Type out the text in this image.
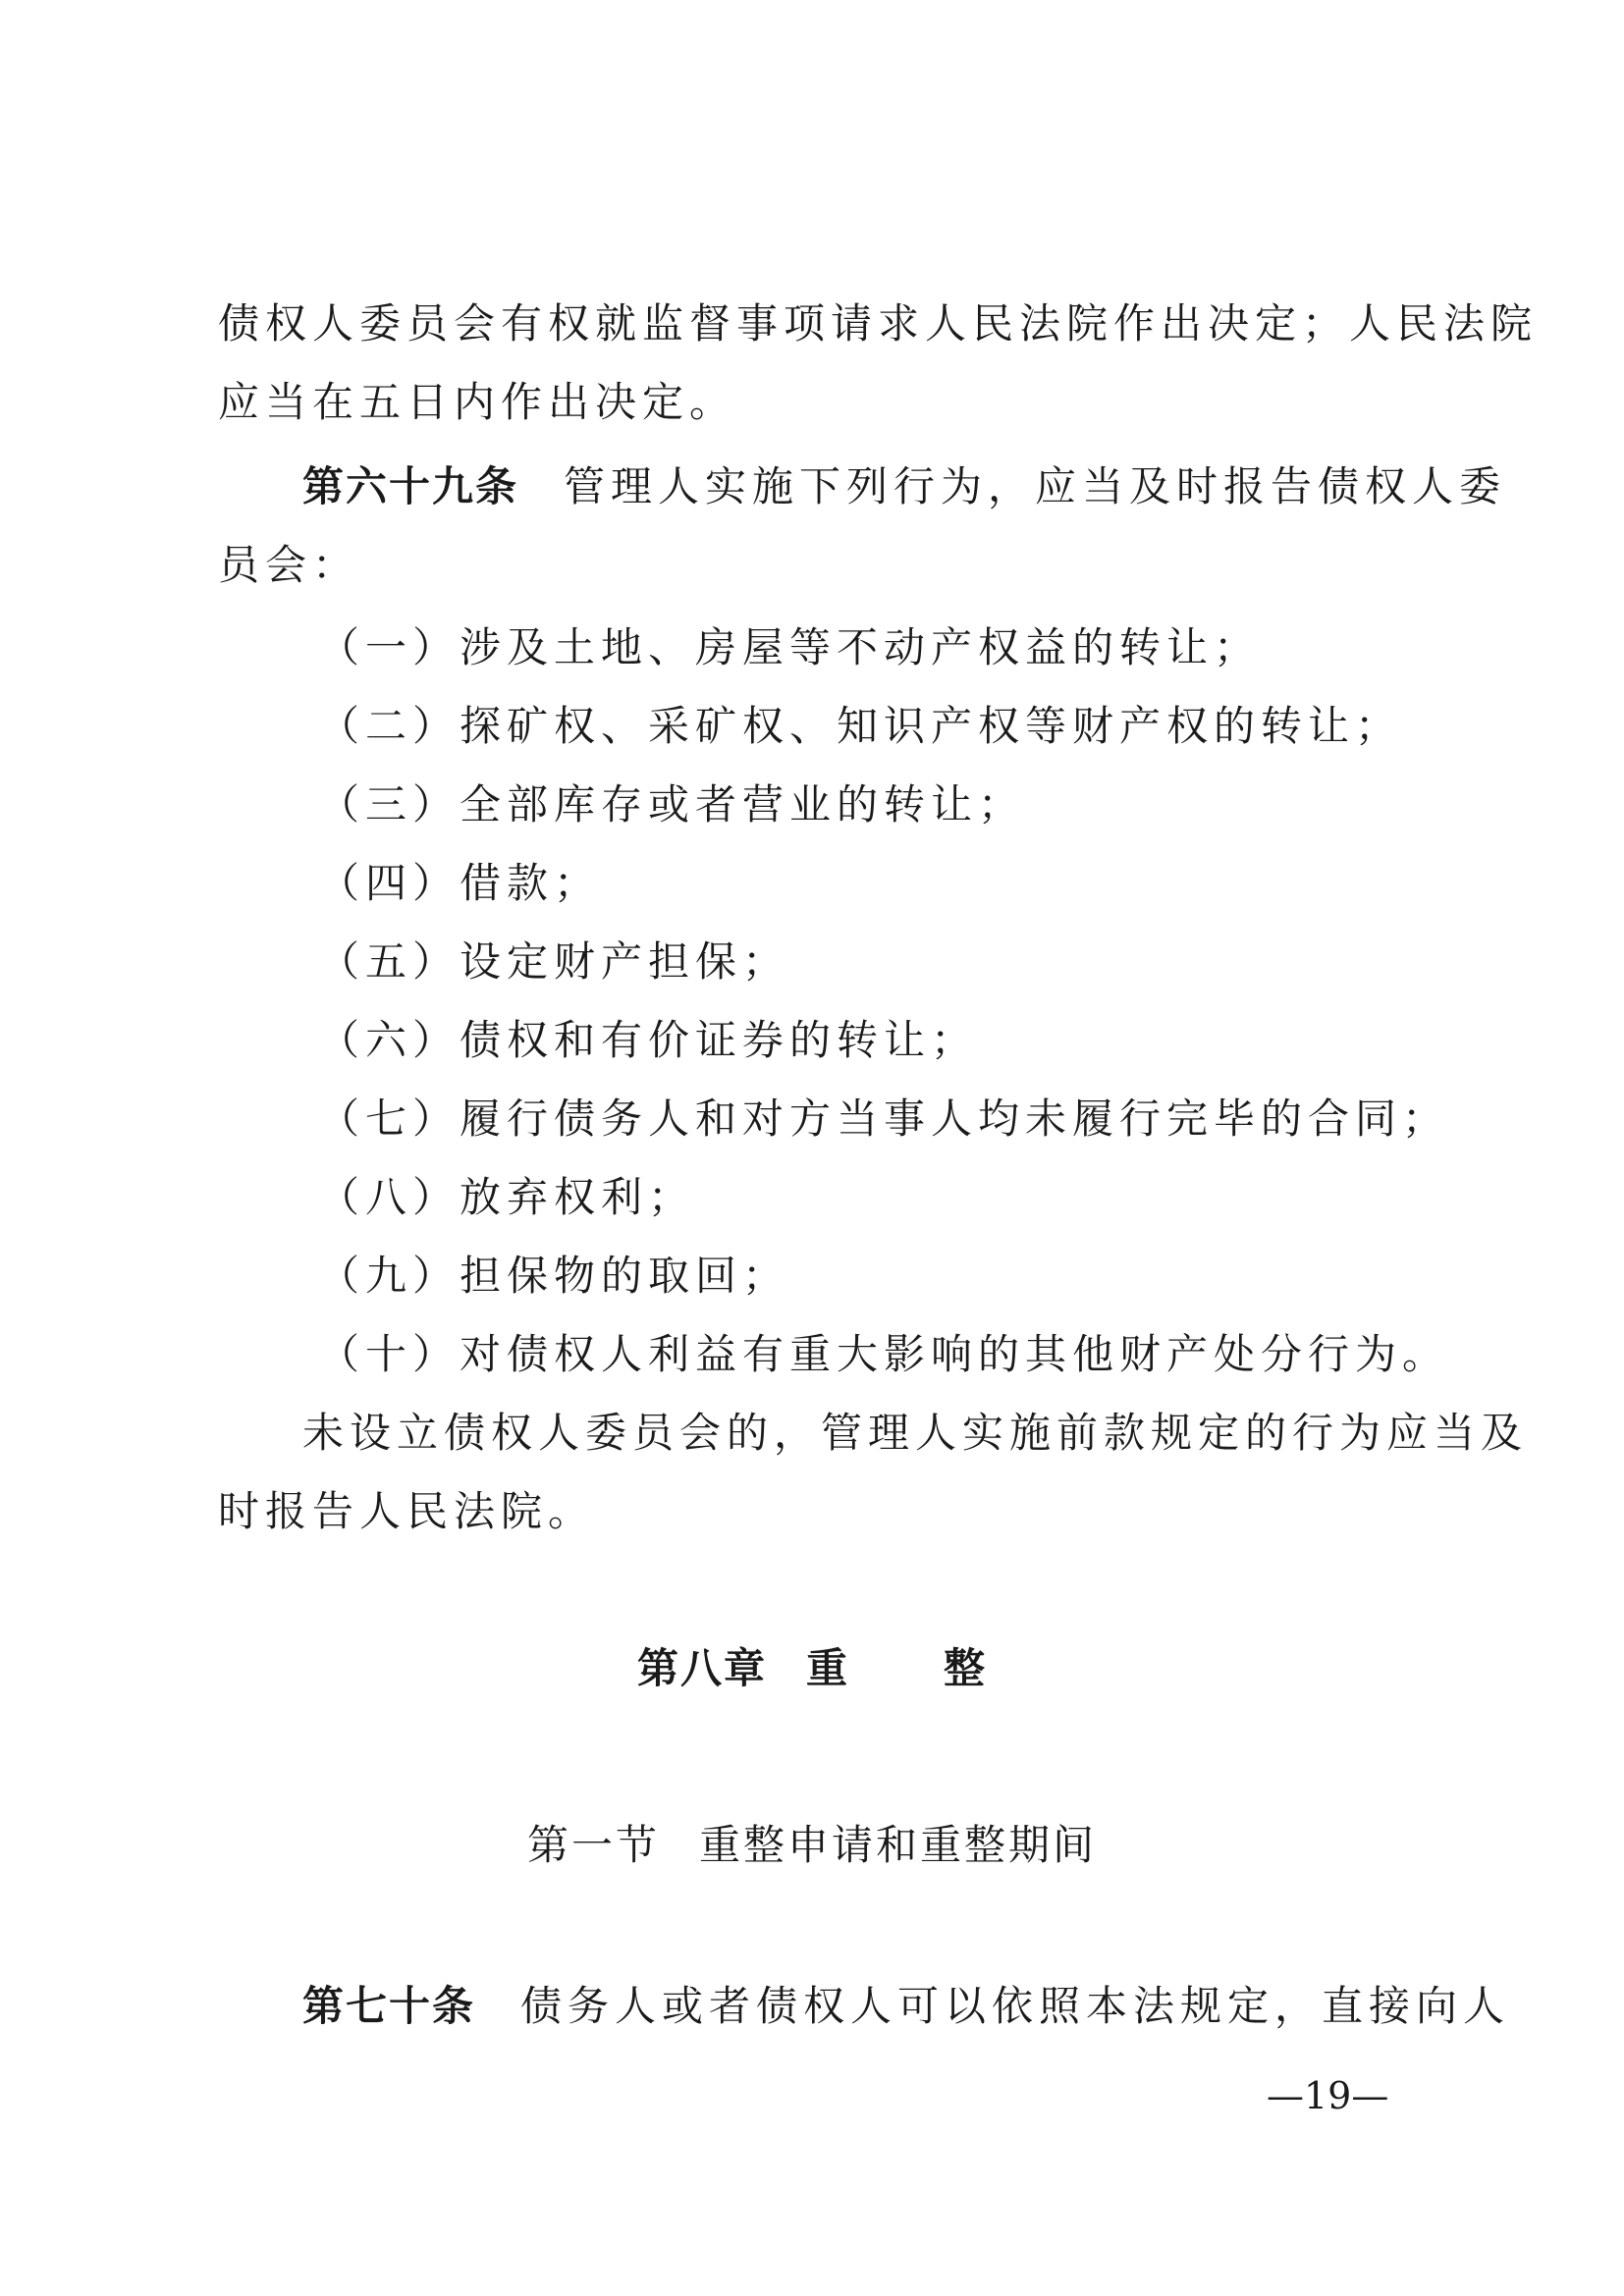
债权人委员会有权就监督事项请求人民法院作出决定；人民法院
应当在五日内作出决定。
第六十九条 管理人实施下列行为，应当及时报告债权人委
员会：
（一）涉及土地、房屋等不动产权益的转让；
（二）探矿权、采矿权、知识产权等财产权的转让；
（三）全部库存或者营业的转让；
（四）借款；
（五）设定财产担保；
（六）债权和有价证券的转让；
（七）履行债务人和对方当事人均未履行完毕的合同；
（八）放弃权利；
（九）担保物的取回；
（十）对债权人利益有重大影响的其他财产处分行为。
未设立债权人委员会的，管理人实施前款规定的行为应当及
时报告人民法院。
第八章 重 整
第一节 重整申请和重整期间
第七十条 债务人或者债权人可以依照本法规定，直接向人
—19—
